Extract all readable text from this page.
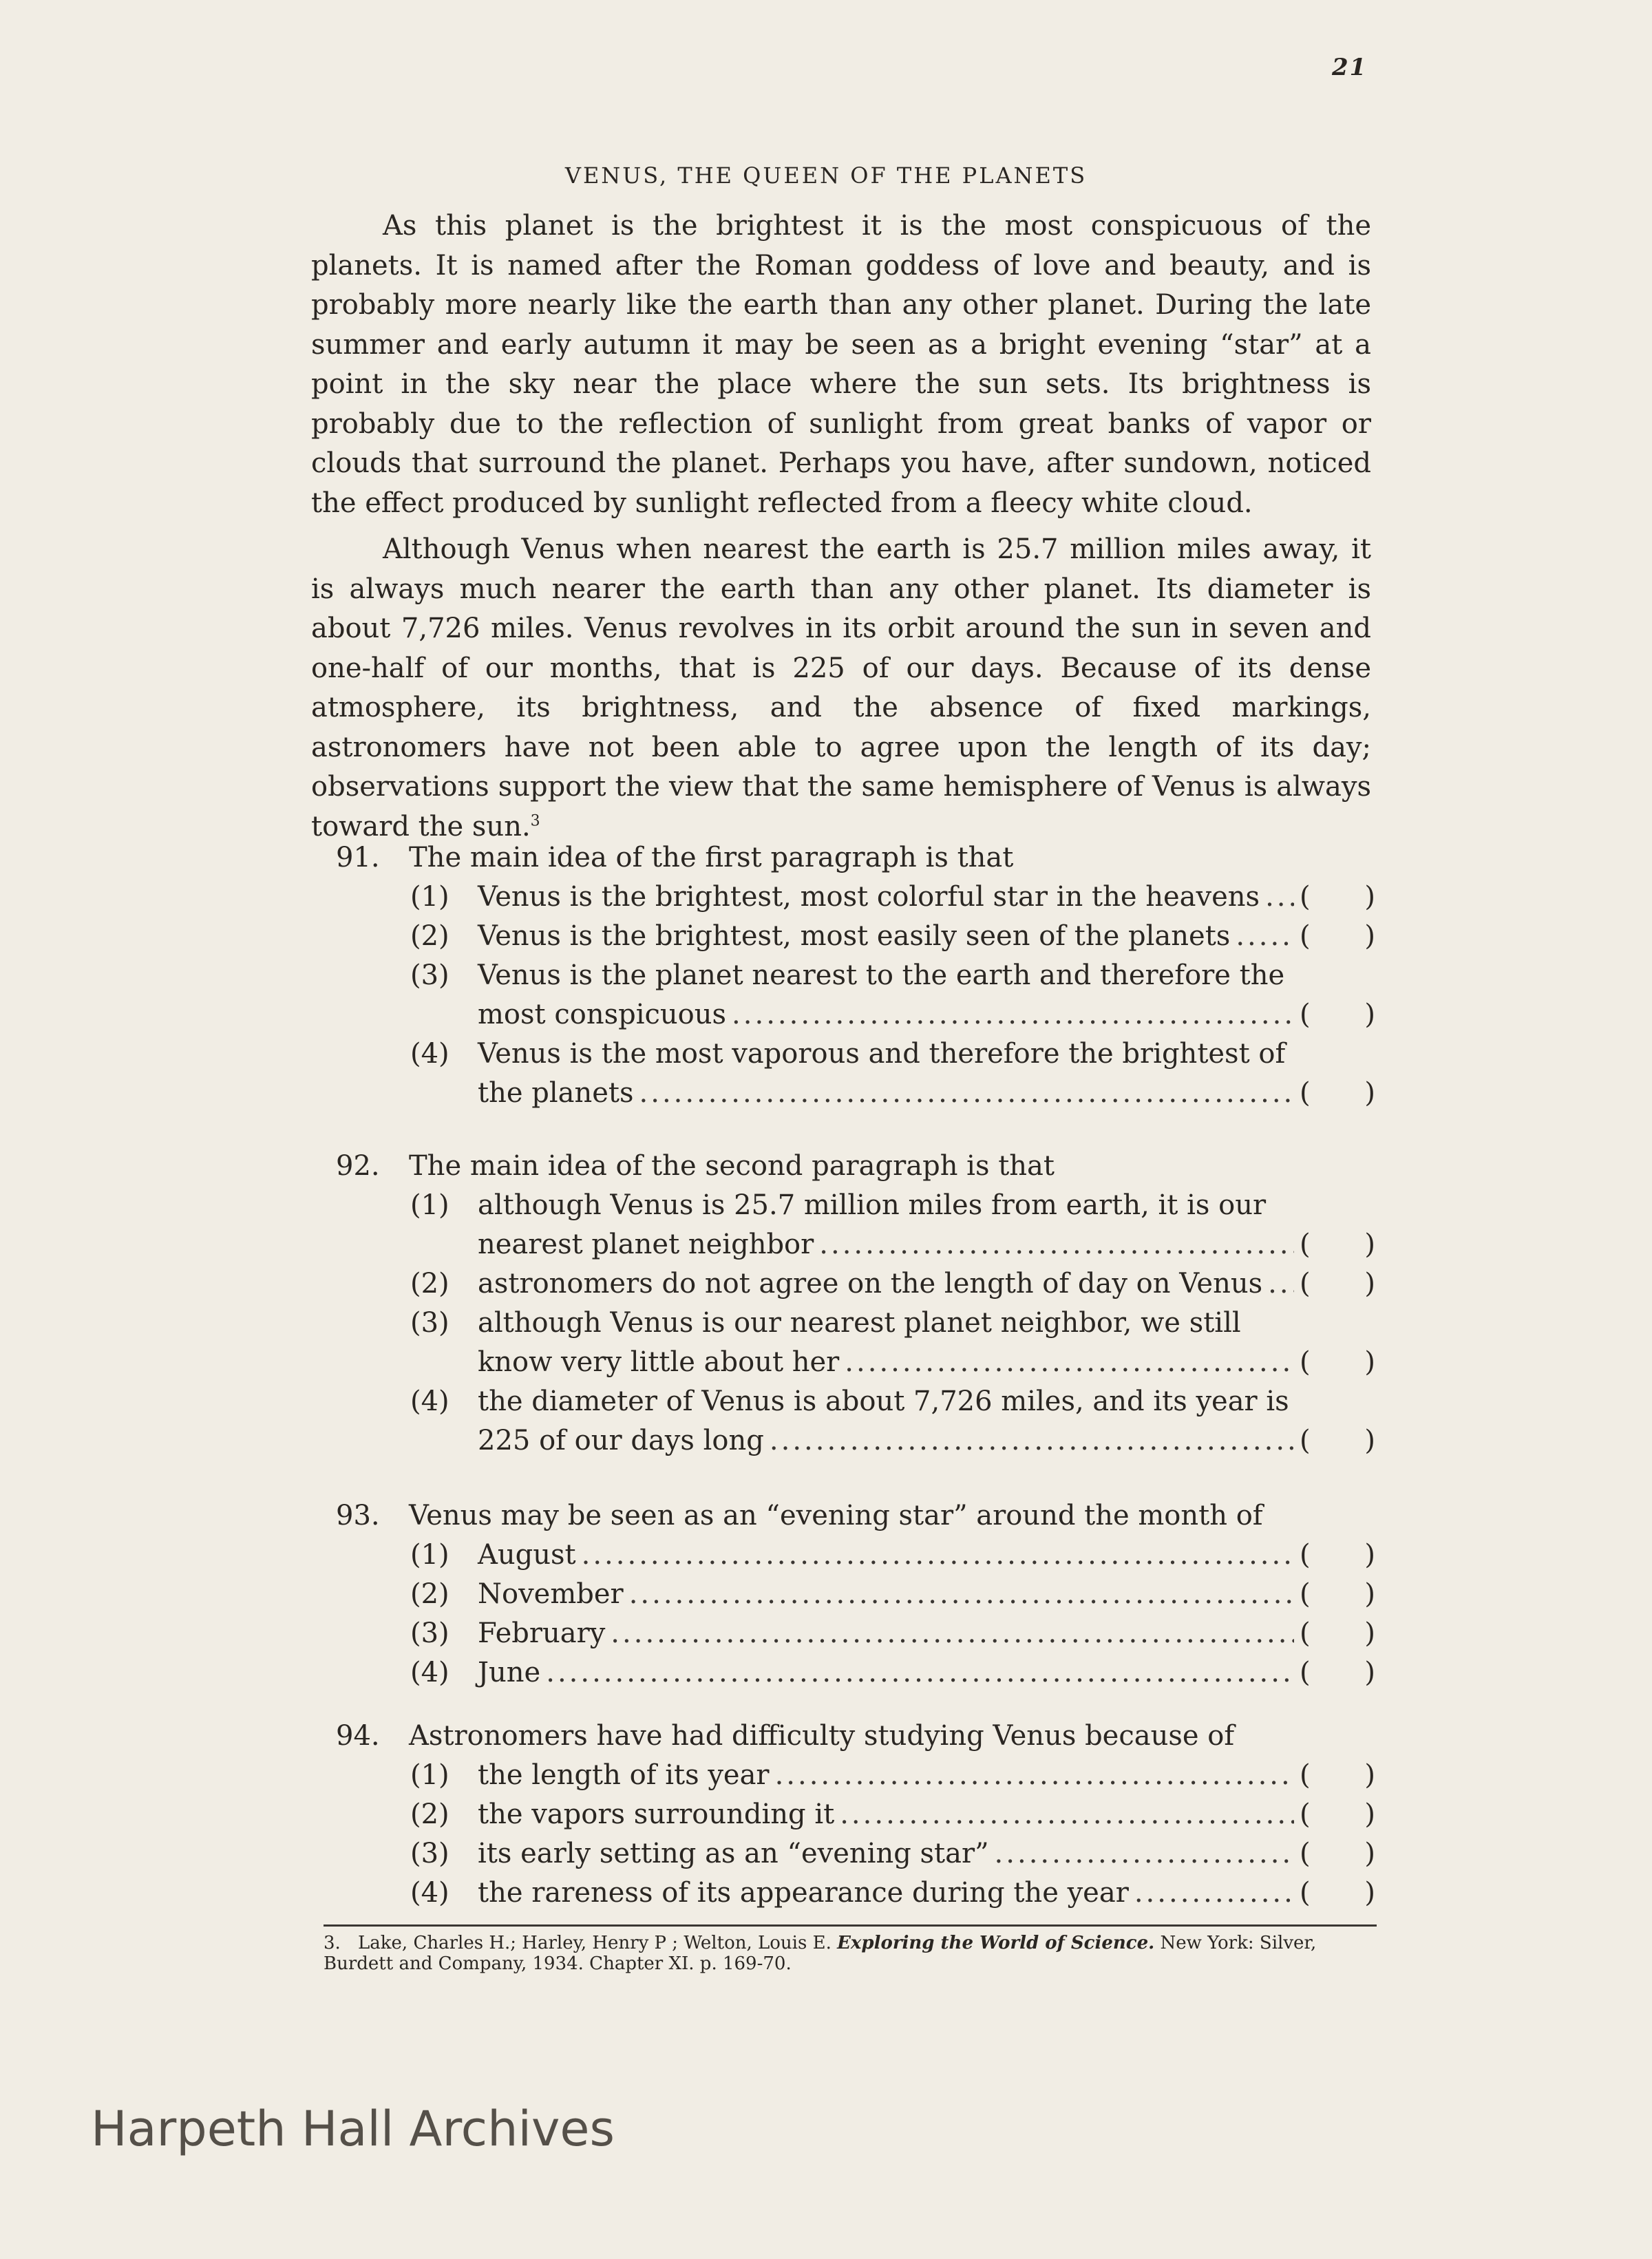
21
VENUS, THE QUEEN OF THE PLANETS

As this planet is the brightest it is the most conspicuous of the planets. It is named after the Roman goddess of love and beauty, and is probably more nearly like the earth than any other planet. During the late summer and early autumn it may be seen as a bright evening “star” at a point in the sky near the place where the sun sets. Its brightness is probably due to the reflection of sunlight from great banks of vapor or clouds that surround the planet. Perhaps you have, after sundown, noticed the effect produced by sunlight reflected from a fleecy white cloud.

Although Venus when nearest the earth is 25.7 million miles away, it is always much nearer the earth than any other planet. Its diameter is about 7,726 miles. Venus revolves in its orbit around the sun in seven and one-half of our months, that is 225 of our days. Because of its dense atmosphere, its brightness, and the absence of fixed markings, astronomers have not been able to agree upon the length of its day; observations support the view that the same hemisphere of Venus is always toward the sun.$^3$

91.	The main idea of the first paragraph is that
(1)	Venus is the brightest, most colorful star in the heavens ..... ( )
(2)	Venus is the brightest, most easily seen of the planets .....	( )
(3)	Venus is the planet nearest to the earth and therefore the
most conspicuous .....	( )
(4)	Venus is the most vaporous and therefore the brightest of
the planets .....	( )
92.	The main idea of the second paragraph is that
(1)	although Venus is 25.7 million miles from earth, it is our
nearest planet neighbor .....	( )
(2)	astronomers do not agree on the length of day on Venus ..... ( )
(3)	although Venus is our nearest planet neighbor, we still
know very little about her .....	( )
(4)	the diameter of Venus is about 7,726 miles, and its year is
225 of our days long .....	( )
93.	Venus may be seen as an “evening star” around the month of
(1)	August .....	( )
(2)	November .....	( )
(3)	February .....	( )
(4)	June .....	( )
94.	Astronomers have had difficulty studying Venus because of
(1)	the length of its year .....	( )
(2)	the vapors surrounding it .....	( )
(3)	its early setting as an “evening star” .....	( )
(4)	the rareness of its appearance during the year .....	( )
3. Lake, Charles H.; Harley, Henry P ; Welton, Louis E. Exploring the World of Science. New York: Silver, Burdett and Company, 1934. Chapter XI. p. 169-70.
Harpeth Hall Archives
